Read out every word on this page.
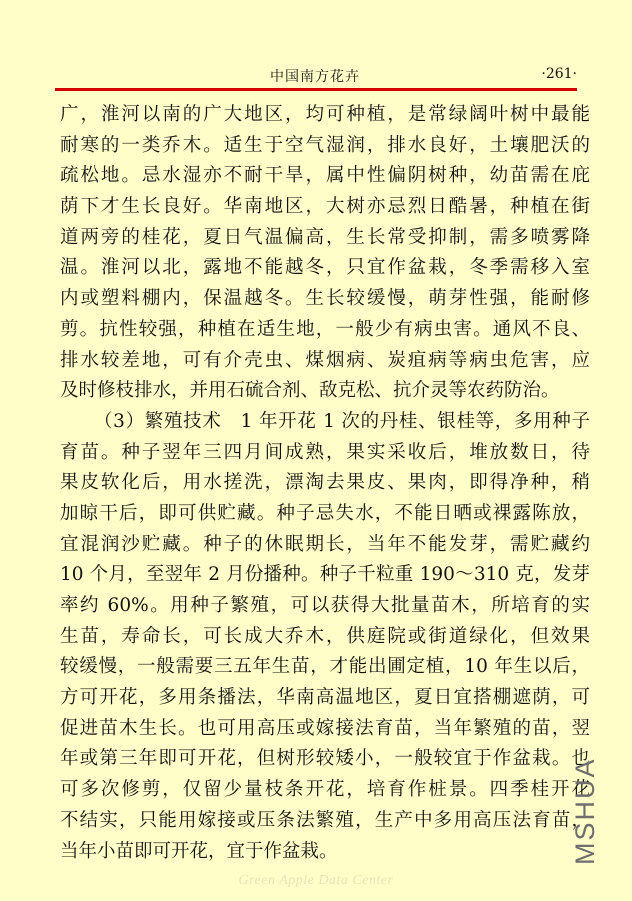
中国南方花卉	·261·
广，淮河以南的广大地区，均可种植，是常绿阔叶树中最能
耐寒的一类乔木。适生于空气湿润，排水良好，土壤肥沃的
疏松地。忌水湿亦不耐干旱，属中性偏阴树种，幼苗需在庇
荫下才生长良好。华南地区，大树亦忌烈日酷暑，种植在街
道两旁的桂花，夏日气温偏高，生长常受抑制，需多喷雾降
温。淮河以北，露地不能越冬，只宜作盆栽，冬季需移入室
内或塑料棚内，保温越冬。生长较缓慢，萌芽性强，能耐修
剪。抗性较强，种植在适生地，一般少有病虫害。通风不良、
排水较差地，可有介壳虫、煤烟病、炭疽病等病虫危害，应
及时修枝排水，并用石硫合剂、敌克松、抗介灵等农药防治。
（3）繁殖技术　1 年开花 1 次的丹桂、银桂等，多用种子
育苗。种子翌年三四月间成熟，果实采收后，堆放数日，待
果皮软化后，用水搓洗，漂淘去果皮、果肉，即得净种，稍
加晾干后，即可供贮藏。种子忌失水，不能日晒或裸露陈放，
宜混润沙贮藏。种子的休眠期长，当年不能发芽，需贮藏约
10 个月，至翌年 2 月份播种。种子千粒重 190～310 克，发芽
率约 60%。用种子繁殖，可以获得大批量苗木，所培育的实
生苗，寿命长，可长成大乔木，供庭院或街道绿化，但效果
较缓慢，一般需要三五年生苗，才能出圃定植，10 年生以后，
方可开花，多用条播法，华南高温地区，夏日宜搭棚遮荫，可
促进苗木生长。也可用高压或嫁接法育苗，当年繁殖的苗，翌
年或第三年即可开花，但树形较矮小，一般较宜于作盆栽。也
可多次修剪，仅留少量枝条开花，培育作桩景。四季桂开花
不结实，只能用嫁接或压条法繁殖，生产中多用高压法育苗，
当年小苗即可开花，宜于作盆栽。
Green Apple Data Center
MSHUA
